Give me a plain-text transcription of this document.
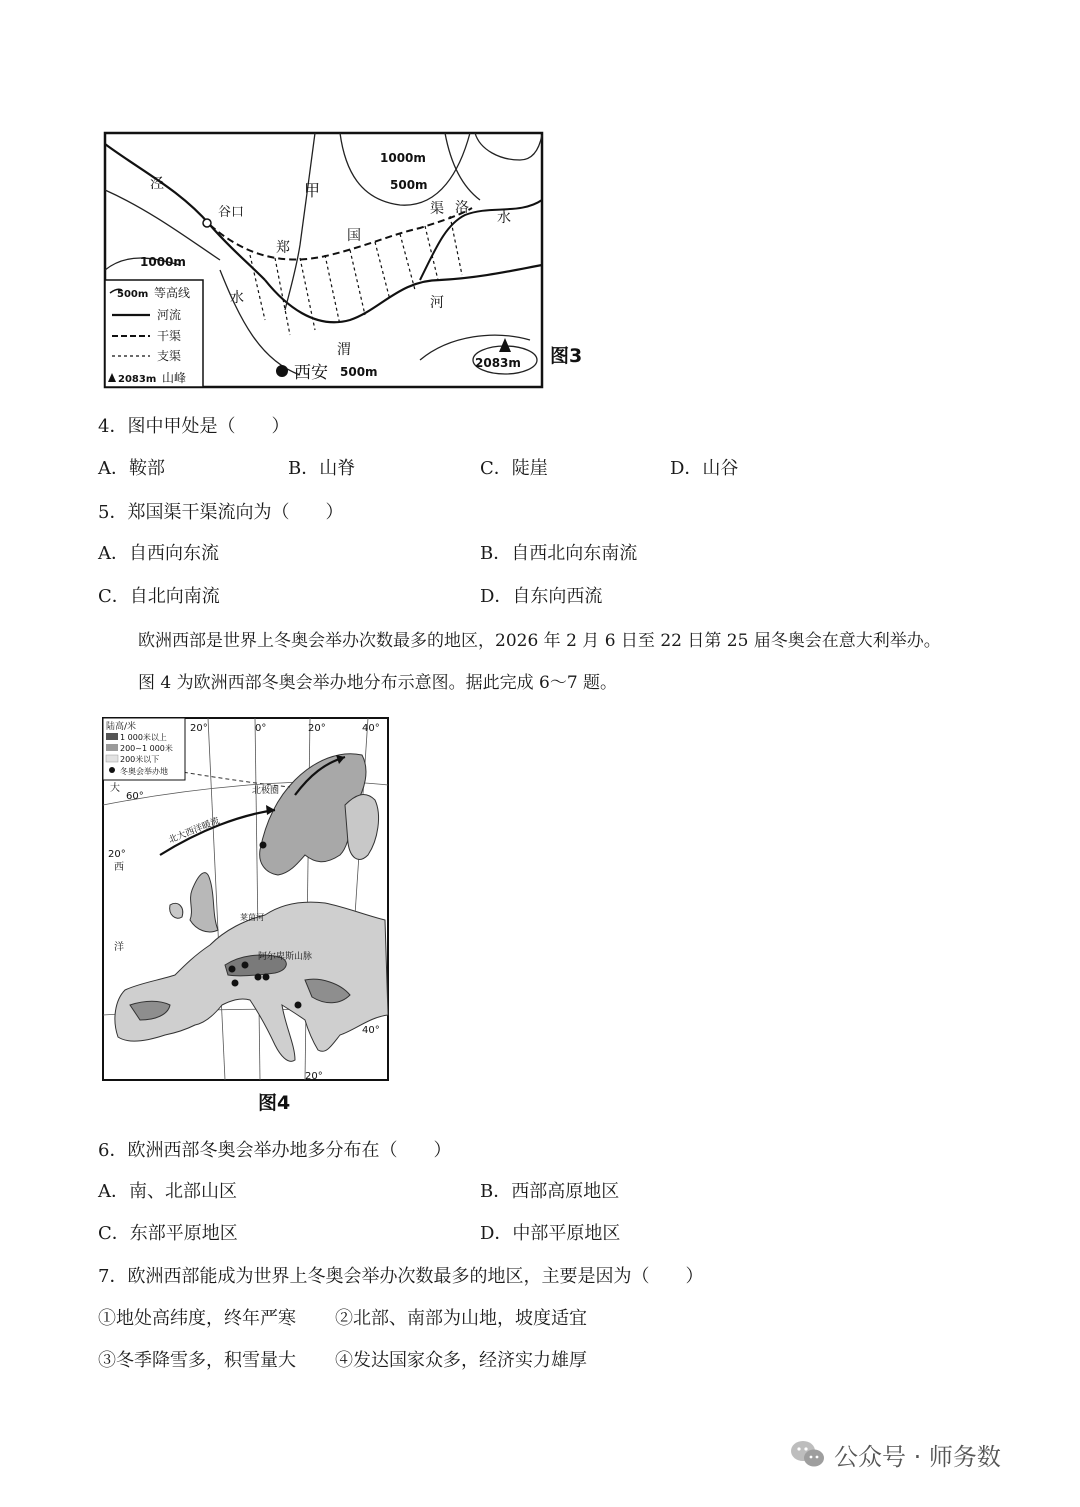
泾	甲
谷口
郑
国
渠 洛
水
水	河
渭
西安
1000m
500m
1000m
500m
2083m
500m 等高线
河流
干渠
支渠
2083m 山峰
图3
4．图中甲处是（　　）
A．鞍部	B．山脊	C．陡崖	D．山谷
5．郑国渠干渠流向为（　　）
A．自西向东流	B．自西北向东南流
C．自北向南流	D．自东向西流
欧洲西部是世界上冬奥会举办次数最多的地区，2026 年 2 月 6 日至 22 日第 25 届冬奥会在意大利举办。
图 4 为欧洲西部冬奥会举办地分布示意图。据此完成 6～7 题。
陆高/米
1 000米以上
200~1 000米
200米以下
冬奥会举办地
20°	0°	20°	40°
60°
20°
20°
40°
北极圈
北大西洋暖流
大
西
洋
莱茵河
阿尔卑斯山脉
图4
6．欧洲西部冬奥会举办地多分布在（　　）
A．南、北部山区	B．西部高原地区
C．东部平原地区	D．中部平原地区
7．欧洲西部能成为世界上冬奥会举办次数最多的地区，主要是因为（　　）
①地处高纬度，终年严寒 ②北部、南部为山地，坡度适宜
③冬季降雪多，积雪量大 ④发达国家众多，经济实力雄厚
公众号 · 师务数
